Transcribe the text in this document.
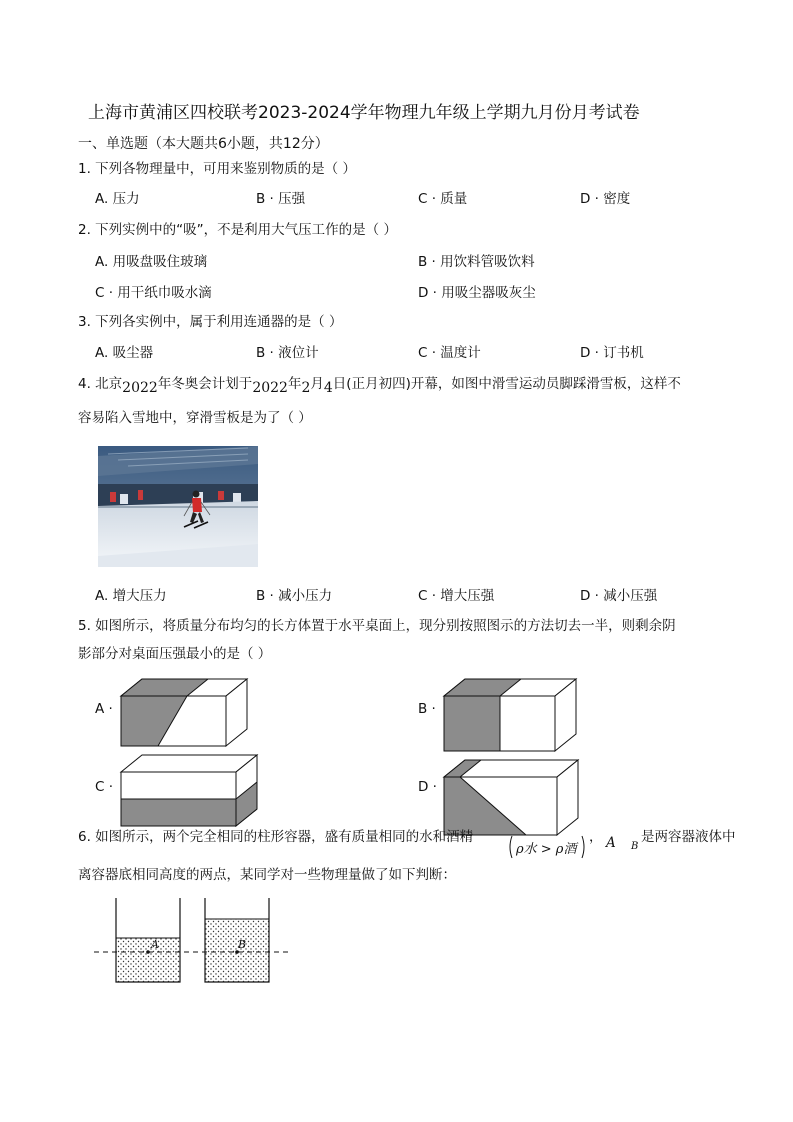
上海市黄浦区四校联考2023-2024学年物理九年级上学期九月份月考试卷
一、单选题（本大题共6小题，共12分）
1. 下列各物理量中，可用来鉴别物质的是（ ）
A. 压力	B · 压强	C · 质量	D · 密度
2. 下列实例中的“吸”，不是利用大气压工作的是（ ）
A. 用吸盘吸住玻璃	B · 用饮料管吸饮料
C · 用干纸巾吸水滴	D · 用吸尘器吸灰尘
3. 下列各实例中，属于利用连通器的是（ ）
A. 吸尘器	B · 液位计	C · 温度计	D · 订书机
4. 北京2022年冬奥会计划于2022年2月4日(正月初四)开幕，如图中滑雪运动员脚踩滑雪板，这样不
容易陷入雪地中，穿滑雪板是为了（ ）
A. 增大压力	B · 减小压力	C · 增大压强	D · 减小压强
5. 如图所示，将质量分布均匀的长方体置于水平桌面上，现分别按照图示的方法切去一半，则剩余阴
影部分对桌面压强最小的是（ ）
A ·	B ·
C ·	D ·
6. 如图所示，两个完全相同的柱形容器，盛有质量相同的水和酒精
ρ水 > ρ酒
， A B
是两容器液体中
离容器底相同高度的两点，某同学对一些物理量做了如下判断：
A	B
